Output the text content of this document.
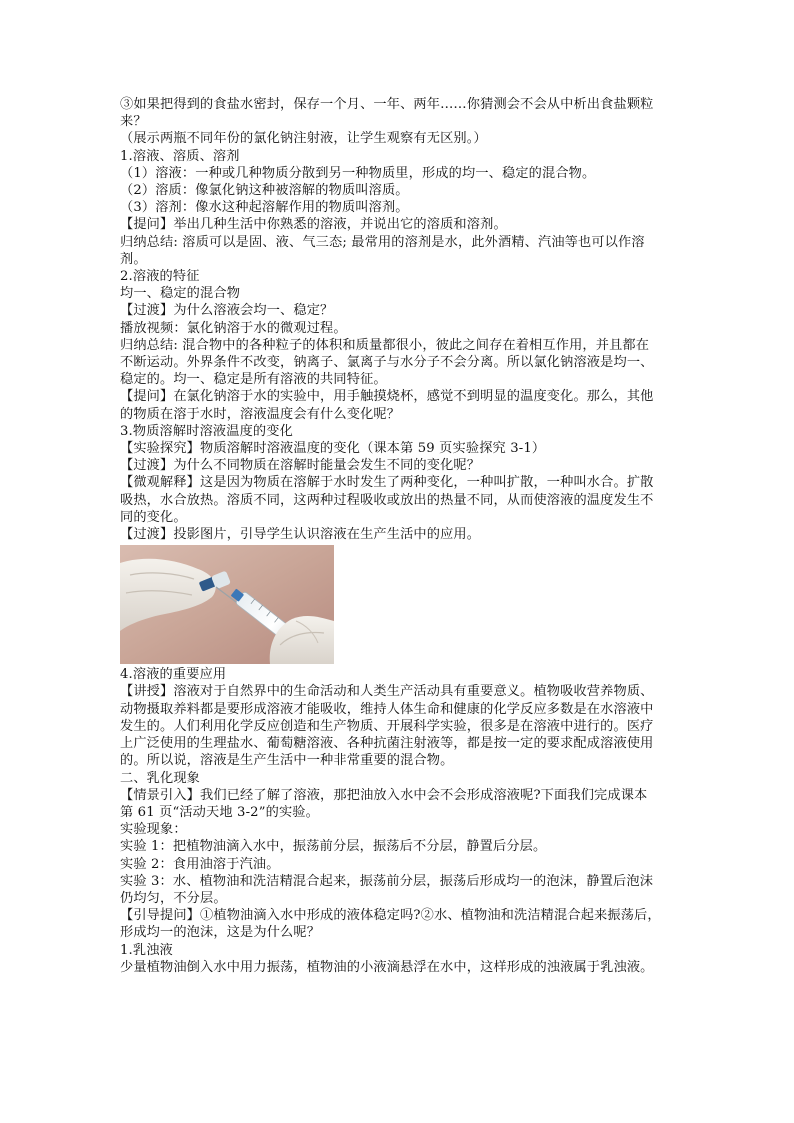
③如果把得到的食盐水密封，保存一个月、一年、两年……你猜测会不会从中析出食盐颗粒
来？
（展示两瓶不同年份的氯化钠注射液，让学生观察有无区别。）
1.溶液、溶质、溶剂
（1）溶液：一种或几种物质分散到另一种物质里，形成的均一、稳定的混合物。
（2）溶质：像氯化钠这种被溶解的物质叫溶质。
（3）溶剂：像水这种起溶解作用的物质叫溶剂。
【提问】举出几种生活中你熟悉的溶液，并说出它的溶质和溶剂。
归纳总结: 溶质可以是固、液、气三态; 最常用的溶剂是水，此外酒精、汽油等也可以作溶
剂。
2.溶液的特征
均一、稳定的混合物
【过渡】为什么溶液会均一、稳定？
播放视频：氯化钠溶于水的微观过程。
归纳总结: 混合物中的各种粒子的体积和质量都很小，彼此之间存在着相互作用，并且都在
不断运动。外界条件不改变，钠离子、氯离子与水分子不会分离。所以氯化钠溶液是均一、
稳定的。均一、稳定是所有溶液的共同特征。
【提问】在氯化钠溶于水的实验中，用手触摸烧杯，感觉不到明显的温度变化。那么，其他
的物质在溶于水时，溶液温度会有什么变化呢？
3.物质溶解时溶液温度的变化
【实验探究】物质溶解时溶液温度的变化（课本第 59 页实验探究 3-1）
【过渡】为什么不同物质在溶解时能量会发生不同的变化呢？
【微观解释】这是因为物质在溶解于水时发生了两种变化，一种叫扩散，一种叫水合。扩散
吸热，水合放热。溶质不同，这两种过程吸收或放出的热量不同，从而使溶液的温度发生不
同的变化。
【过渡】投影图片，引导学生认识溶液在生产生活中的应用。
4.溶液的重要应用
【讲授】溶液对于自然界中的生命活动和人类生产活动具有重要意义。植物吸收营养物质、
动物摄取养料都是要形成溶液才能吸收，维持人体生命和健康的化学反应多数是在水溶液中
发生的。人们利用化学反应创造和生产物质、开展科学实验，很多是在溶液中进行的。医疗
上广泛使用的生理盐水、葡萄糖溶液、各种抗菌注射液等，都是按一定的要求配成溶液使用
的。所以说，溶液是生产生活中一种非常重要的混合物。
二、乳化现象
【情景引入】我们已经了解了溶液，那把油放入水中会不会形成溶液呢?下面我们完成课本
第 61 页“活动天地 3-2”的实验。
实验现象：
实验 1：把植物油滴入水中，振荡前分层，振荡后不分层，静置后分层。
实验 2：食用油溶于汽油。
实验 3：水、植物油和洗洁精混合起来，振荡前分层，振荡后形成均一的泡沫，静置后泡沫
仍均匀，不分层。
【引导提问】①植物油滴入水中形成的液体稳定吗?②水、植物油和洗洁精混合起来振荡后，
形成均一的泡沫，这是为什么呢？
1.乳浊液
少量植物油倒入水中用力振荡，植物油的小液滴悬浮在水中，这样形成的浊液属于乳浊液。
